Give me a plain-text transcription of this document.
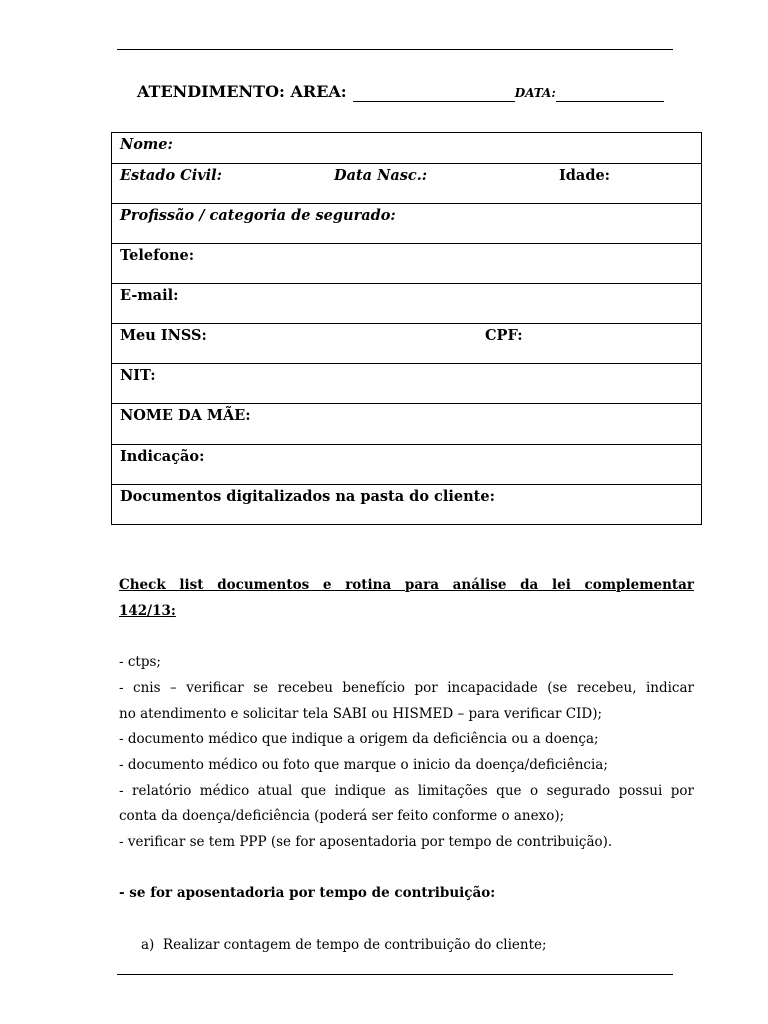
ATENDIMENTO: AREA:	DATA:
Nome:

Estado Civil:	Data Nasc.:	Idade:

Profissão / categoria de segurado:
Telefone:
E-mail:

Meu INSS:	CPF:

NIT:
NOME DA MÃE:
Indicação:
Documentos digitalizados na pasta do cliente:
Check list documentos e rotina para análise da lei complementar
142/13:

- ctps;

- cnis – verificar se recebeu benefício por incapacidade (se recebeu, indicar

no atendimento e solicitar tela SABI ou HISMED – para verificar CID);

- documento médico que indique a origem da deficiência ou a doença;

- documento médico ou foto que marque o inicio da doença/deficiência;

- relatório médico atual que indique as limitações que o segurado possui por

conta da doença/deficiência (poderá ser feito conforme o anexo);

- verificar se tem PPP (se for aposentadoria por tempo de contribuição).

- se for aposentadoria por tempo de contribuição:

a) Realizar contagem de tempo de contribuição do cliente;
